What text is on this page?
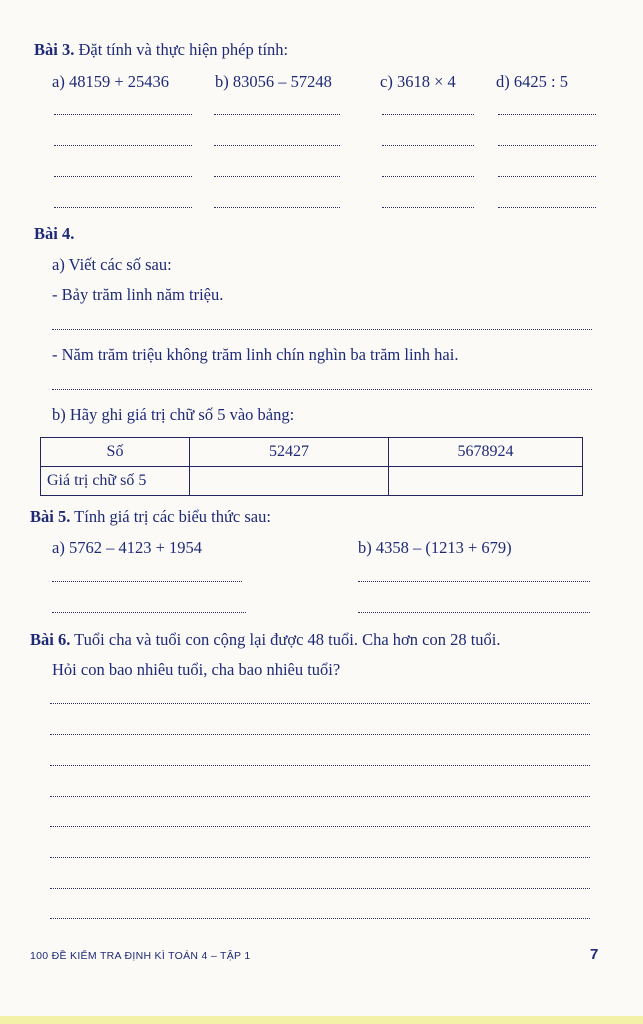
Bài 3. Đặt tính và thực hiện phép tính:
a) 48159 + 25436	b) 83056 – 57248	c) 3618 × 4 d) 6425 : 5
Bài 4.
a) Viết các số sau:
- Bảy trăm linh năm triệu.
- Năm trăm triệu không trăm linh chín nghìn ba trăm linh hai.
b) Hãy ghi giá trị chữ số 5 vào bảng:
Số	52427	5678924
Giá trị chữ số 5		
Bài 5. Tính giá trị các biểu thức sau:
a) 5762 – 4123 + 1954	b) 4358 – (1213 + 679)
Bài 6. Tuổi cha và tuổi con cộng lại được 48 tuổi. Cha hơn con 28 tuổi.
Hỏi con bao nhiêu tuổi, cha bao nhiêu tuổi?
100 ĐỀ KIỂM TRA ĐỊNH KÌ TOÁN 4 – TẬP 1	7
